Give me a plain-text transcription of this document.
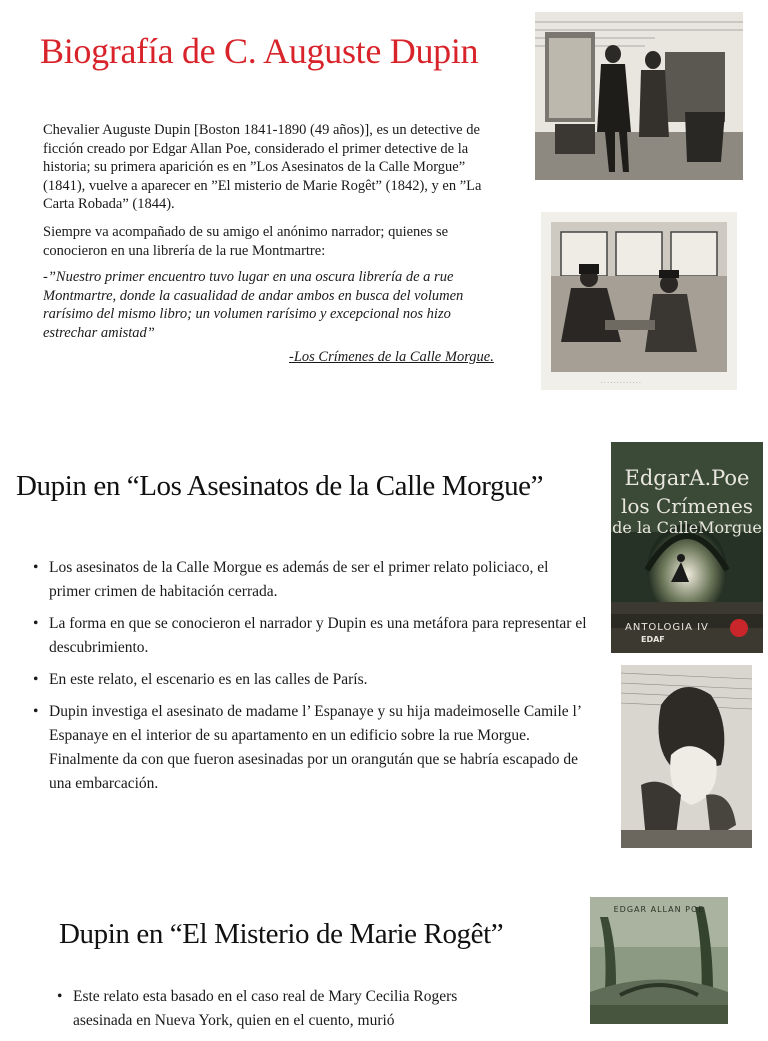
Biografía de C. Auguste Dupin
Chevalier Auguste Dupin [Boston 1841-1890 (49 años)], es un detective de ficción creado por Edgar Allan Poe, considerado el primer detective de la historia; su primera aparición es en ”Los Asesinatos de la Calle Morgue” (1841), vuelve a aparecer en ”El misterio de Marie Rogêt” (1842), y en ”La Carta Robada” (1844).
Siempre va acompañado de su amigo el anónimo narrador; quienes se conocieron en una librería de la rue Montmartre:
-”Nuestro primer encuentro tuvo lugar en una oscura librería de a rue Montmartre, donde la casualidad de andar ambos en busca del volumen rarísimo del mismo libro; un volumen rarísimo y excepcional nos hizo estrechar amistad”
-Los Crímenes de la Calle Morgue.
· · · · · · · · · · · · ·
Dupin en “Los Asesinatos de la Calle Morgue”
• Los asesinatos de la Calle Morgue es además de ser el primer relato policiaco, el primer crimen de habitación cerrada.
• La forma en que se conocieron el narrador y Dupin es una metáfora para representar el descubrimiento.
• En este relato, el escenario es en las calles de París.
• Dupin investiga el asesinato de madame l’ Espanaye y su hija madeimoselle Camile l’ Espanaye en el interior de su apartamento en un edificio sobre la rue Morgue. Finalmente da con que fueron asesinadas por un orangután que se habría escapado de una embarcación.
EdgarA.Poe
los Crímenes
de la CalleMorgue
ANTOLOGIA IV
EDAF
Dupin en “El Misterio de Marie Rogêt”
• Este relato esta basado en el caso real de Mary Cecilia Rogers asesinada en Nueva York, quien en el cuento, murió
EDGAR ALLAN POE
